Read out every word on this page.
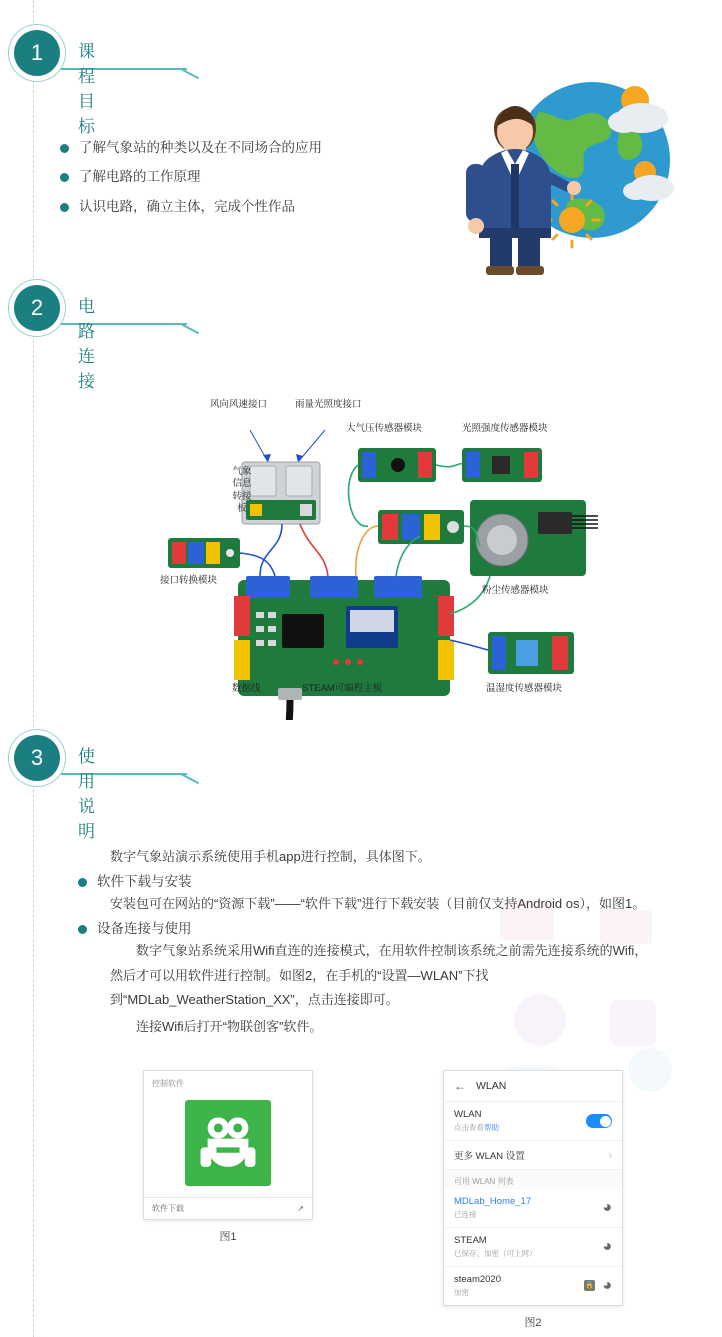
1	课程目标
了解气象站的种类以及在不同场合的应用
了解电路的工作原理
认识电路，确立主体，完成个性作品
2	电路连接
风向风速接口	雨量光照度接口
大气压传感器模块	光照强度传感器模块
气象信息转接板
接口转换模块
粉尘传感器模块
数据线	STEAM可编程主板	温湿度传感器模块
3	使用说明

数字气象站演示系统使用手机app进行控制，具体图下。

软件下载与安装

安装包可在网站的“资源下载”——“软件下载”进行下载安装（目前仅支持Android os），如图1。

设备连接与使用

数字气象站系统采用Wifi直连的连接模式，在用软件控制该系统之前需先连接系统的Wifi，然后才可以用软件进行控制。如图2，在手机的“设置—WLAN”下找到“MDLab_WeatherStation_XX”，点击连接即可。

连接Wifi后打开“物联创客”软件。

控制软件
软件下载	↗
图1
← WLAN
WLAN
点击查看帮助
更多 WLAN 设置	›
可用 WLAN 列表
MDLab_Home_17
已连接	◕
STEAM
已保存、加密（可上网）	◕
steam2020
加密
🔒 ◕
图2
